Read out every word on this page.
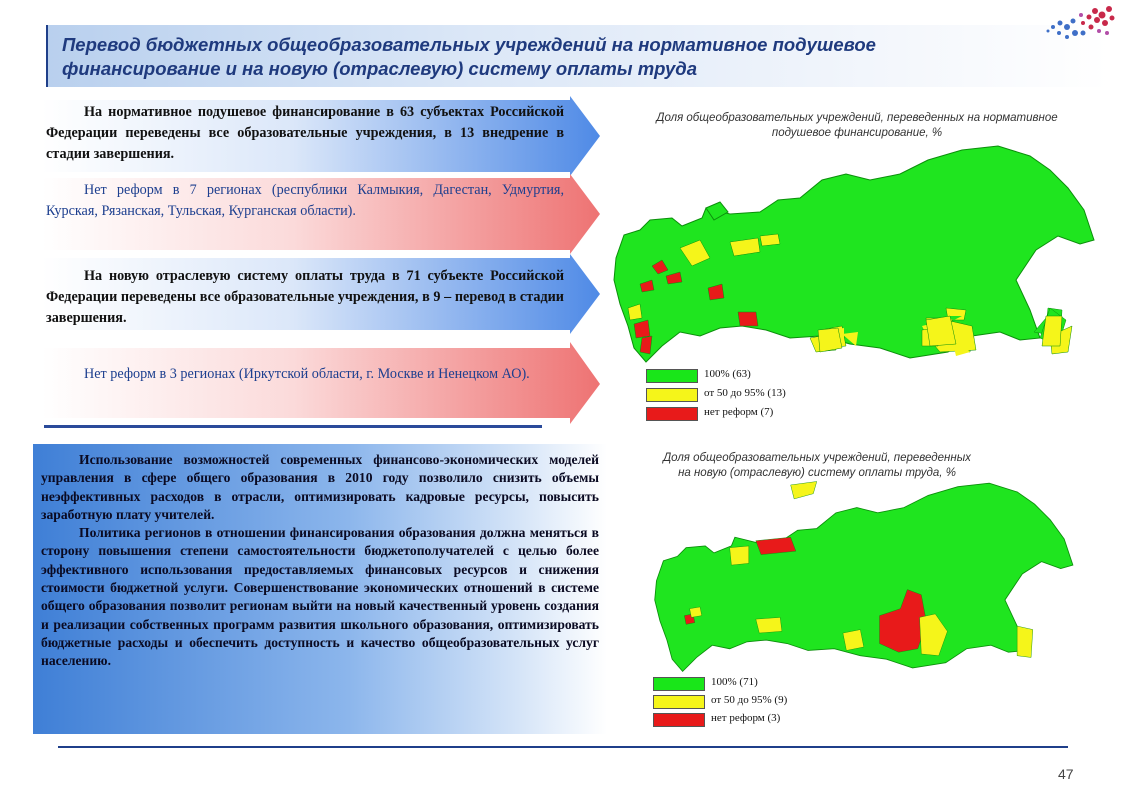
Перевод бюджетных общеобразовательных учреждений на нормативное подушевое
финансирование и на новую (отраслевую) систему оплаты труда
На нормативное подушевое финансирование в 63 субъектах Российской Федерации переведены все образовательные учреждения, в 13 внедрение в стадии завершения.
Нет реформ в 7 регионах (республики Калмыкия, Дагестан, Удмуртия, Курская, Рязанская, Тульская, Курганская области).
На новую отраслевую систему оплаты труда в 71 субъекте Российской Федерации переведены все образовательные учреждения, в 9 – перевод в стадии завершения.
Нет реформ в 3 регионах (Иркутской области, г. Москве и Ненецком АО).
Использование возможностей современных финансово-экономических моделей управления в сфере общего образования в 2010 году позволило снизить объемы неэффективных расходов в отрасли, оптимизировать кадровые ресурсы, повысить заработную плату учителей.
Политика регионов в отношении финансирования образования должна меняться в сторону повышения степени самостоятельности бюджетополучателей с целью более эффективного использования предоставляемых финансовых ресурсов и снижения стоимости бюджетной услуги. Совершенствование экономических отношений в системе общего образования позволит регионам выйти на новый качественный уровень создания и реализации собственных программ развития школьного образования, оптимизировать бюджетные расходы и обеспечить доступность и качество общеобразовательных услуг населению.
Доля общеобразовательных учреждений, переведенных на нормативное
подушевое финансирование, %
100% (63)
от 50 до 95% (13)
нет реформ (7)
Доля общеобразовательных учреждений, переведенных
на новую (отраслевую) систему оплаты труда, %
100% (71)
от 50 до 95% (9)
нет реформ (3)
47
